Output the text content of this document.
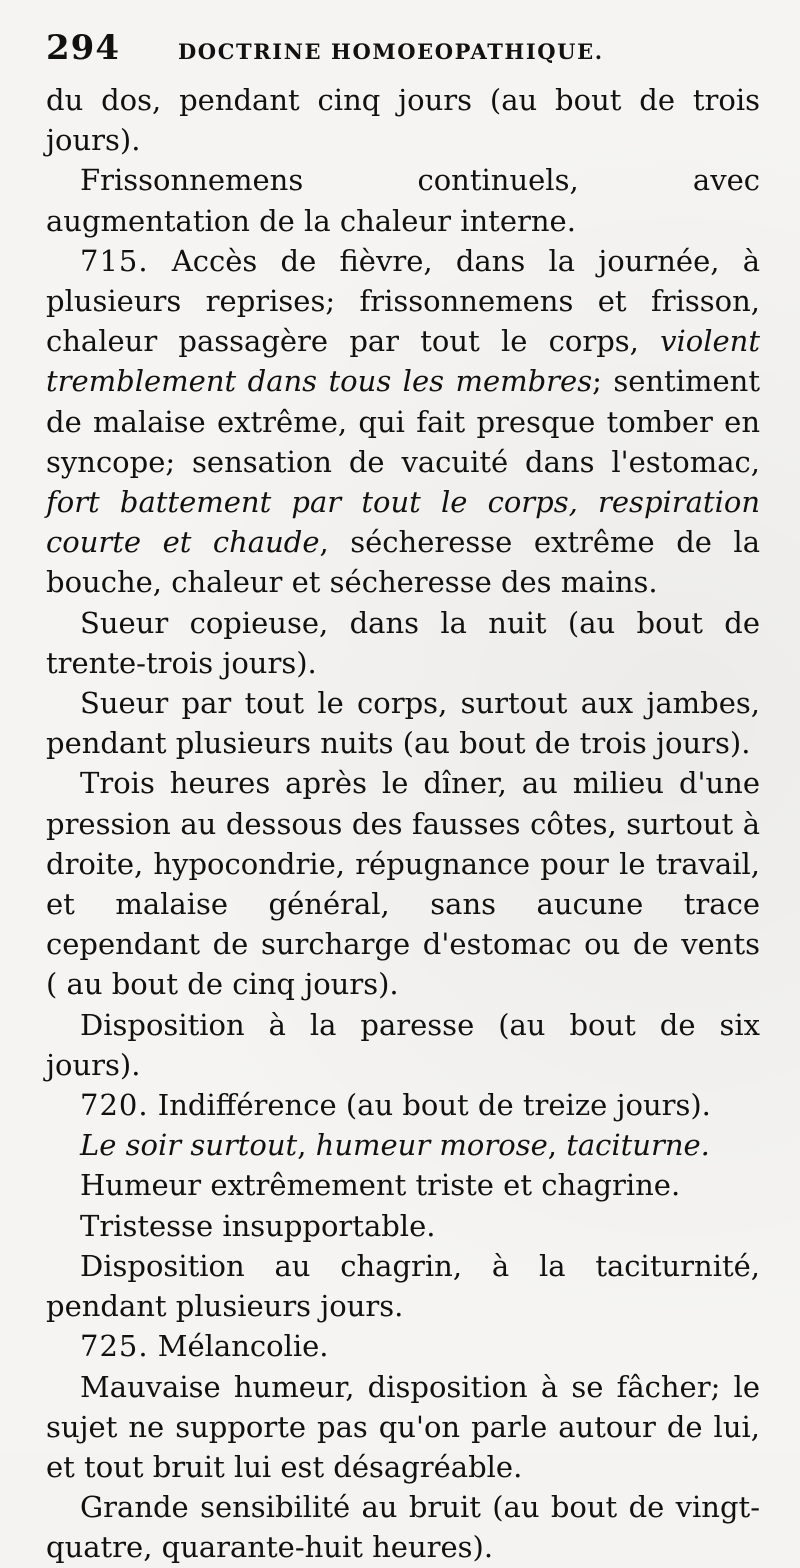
294	DOCTRINE HOMOEOPATHIQUE.

du dos, pendant cinq jours (au bout de trois jours).

Frissonnemens continuels, avec augmentation de la chaleur interne.

715. Accès de fièvre, dans la journée, à plusieurs reprises; frissonnemens et frisson, chaleur passagère par tout le corps, violent tremblement dans tous les membres; sentiment de malaise extrême, qui fait presque tomber en syncope; sensation de vacuité dans l'estomac, fort battement par tout le corps, respiration courte et chaude, sécheresse extrême de la bouche, chaleur et sécheresse des mains.

Sueur copieuse, dans la nuit (au bout de trente-trois jours).

Sueur par tout le corps, surtout aux jambes, pendant plusieurs nuits (au bout de trois jours).

Trois heures après le dîner, au milieu d'une pression au dessous des fausses côtes, surtout à droite, hypocondrie, répugnance pour le travail, et malaise général, sans aucune trace cependant de surcharge d'estomac ou de vents ( au bout de cinq jours).

Disposition à la paresse (au bout de six jours).

720. Indifférence (au bout de treize jours).

Le soir surtout, humeur morose, taciturne.

Humeur extrêmement triste et chagrine.

Tristesse insupportable.

Disposition au chagrin, à la taciturnité, pendant plusieurs jours.

725. Mélancolie.

Mauvaise humeur, disposition à se fâcher; le sujet ne supporte pas qu'on parle autour de lui, et tout bruit lui est désagréable.

Grande sensibilité au bruit (au bout de vingt-quatre, quarante-huit heures).
